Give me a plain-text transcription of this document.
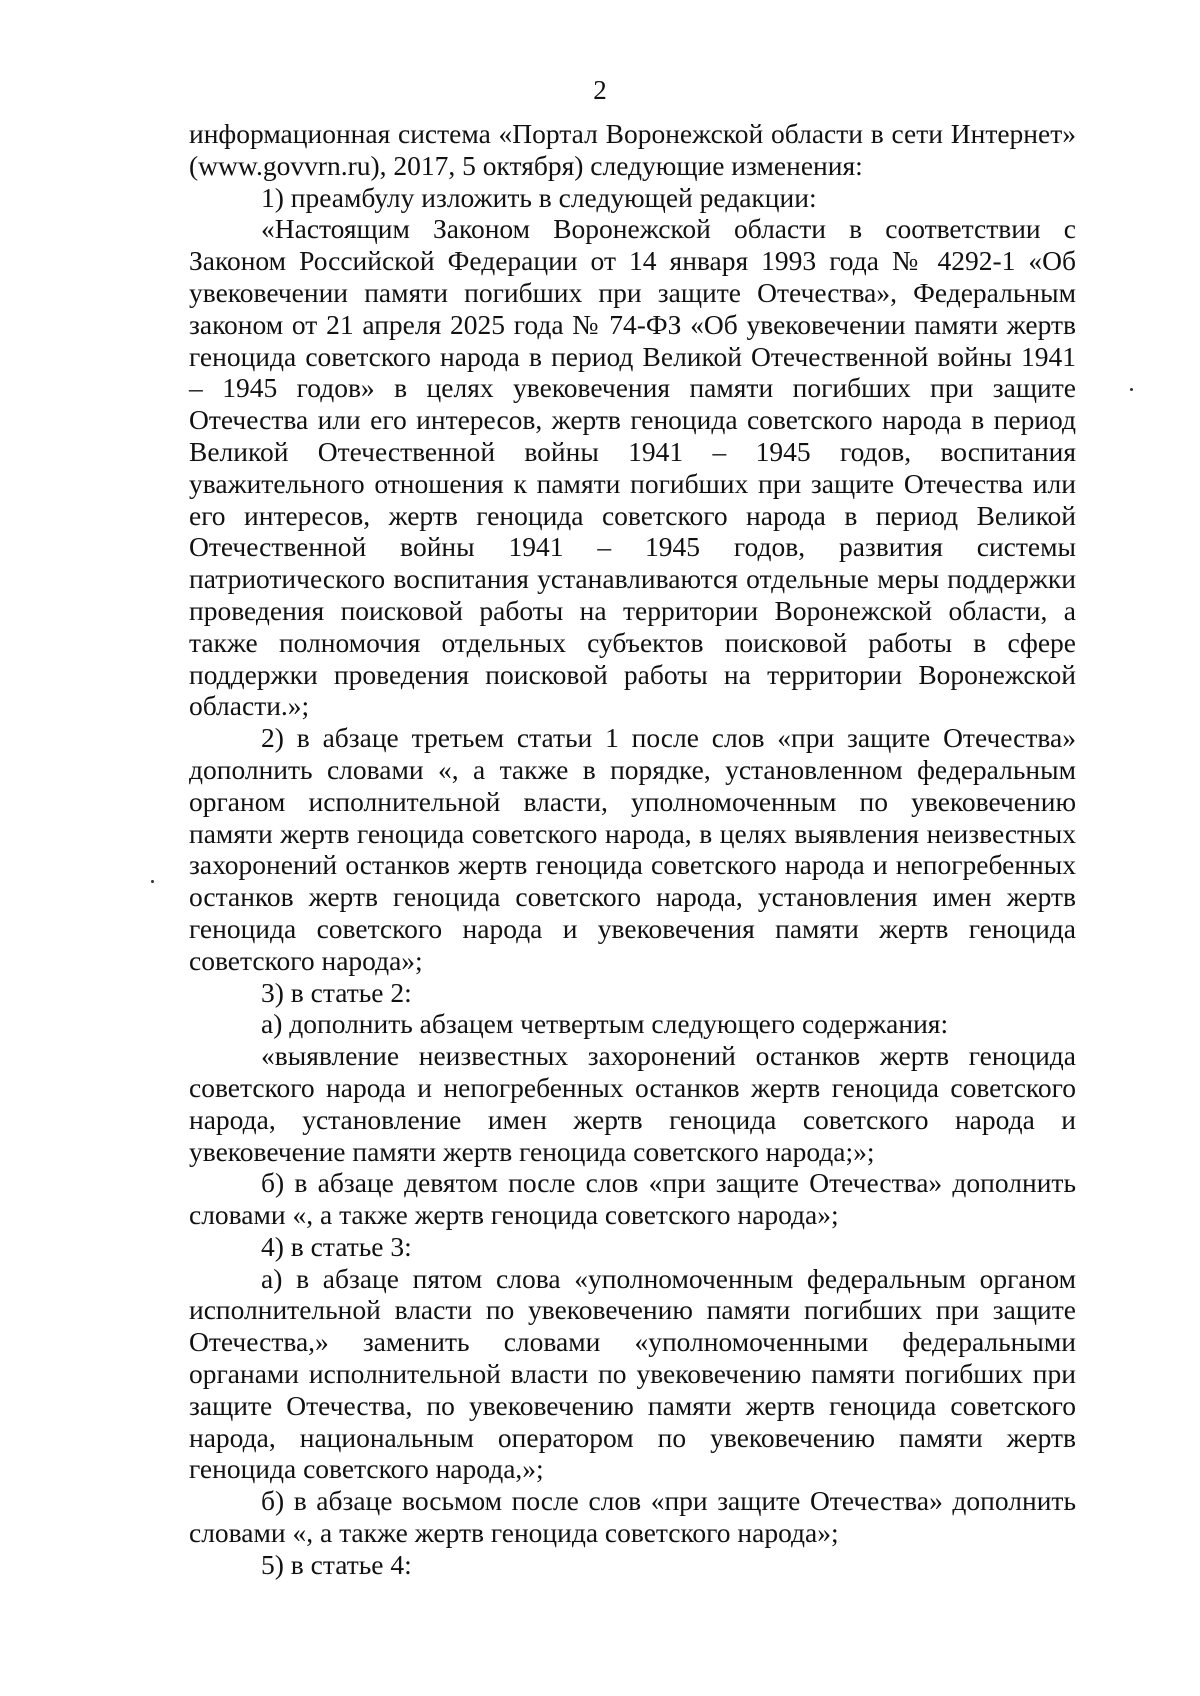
2

информационная система «Портал Воронежской области в сети Интернет» (www.govvrn.ru), 2017, 5 октября) следующие изменения:

1) преамбулу изложить в следующей редакции:

«Настоящим Законом Воронежской области в соответствии с Законом Российской Федерации от 14 января 1993 года № 4292-1 «Об увековечении памяти погибших при защите Отечества», Федеральным законом от 21 апреля 2025 года № 74-ФЗ «Об увековечении памяти жертв геноцида советского народа в период Великой Отечественной войны 1941 – 1945 годов» в целях увековечения памяти погибших при защите Отечества или его интересов, жертв геноцида советского народа в период Великой Отечественной войны 1941 – 1945 годов, воспитания уважительного отношения к памяти погибших при защите Отечества или его интересов, жертв геноцида советского народа в период Великой Отечественной войны 1941 – 1945 годов, развития системы патриотического воспитания устанавливаются отдельные меры поддержки проведения поисковой работы на территории Воронежской области, а также полномочия отдельных субъектов поисковой работы в сфере поддержки проведения поисковой работы на территории Воронежской области.»;

2) в абзаце третьем статьи 1 после слов «при защите Отечества» дополнить словами «, а также в порядке, установленном федеральным органом исполнительной власти, уполномоченным по увековечению памяти жертв геноцида советского народа, в целях выявления неизвестных захоронений останков жертв геноцида советского народа и непогребенных останков жертв геноцида советского народа, установления имен жертв геноцида советского народа и увековечения памяти жертв геноцида советского народа»;

3) в статье 2:

а) дополнить абзацем четвертым следующего содержания:

«выявление неизвестных захоронений останков жертв геноцида советского народа и непогребенных останков жертв геноцида советского народа, установление имен жертв геноцида советского народа и увековечение памяти жертв геноцида советского народа;»;

б) в абзаце девятом после слов «при защите Отечества» дополнить словами «, а также жертв геноцида советского народа»;

4) в статье 3:

а) в абзаце пятом слова «уполномоченным федеральным органом исполнительной власти по увековечению памяти погибших при защите Отечества,» заменить словами «уполномоченными федеральными органами исполнительной власти по увековечению памяти погибших при защите Отечества, по увековечению памяти жертв геноцида советского народа, национальным оператором по увековечению памяти жертв геноцида советского народа,»;

б) в абзаце восьмом после слов «при защите Отечества» дополнить словами «, а также жертв геноцида советского народа»;

5) в статье 4:
